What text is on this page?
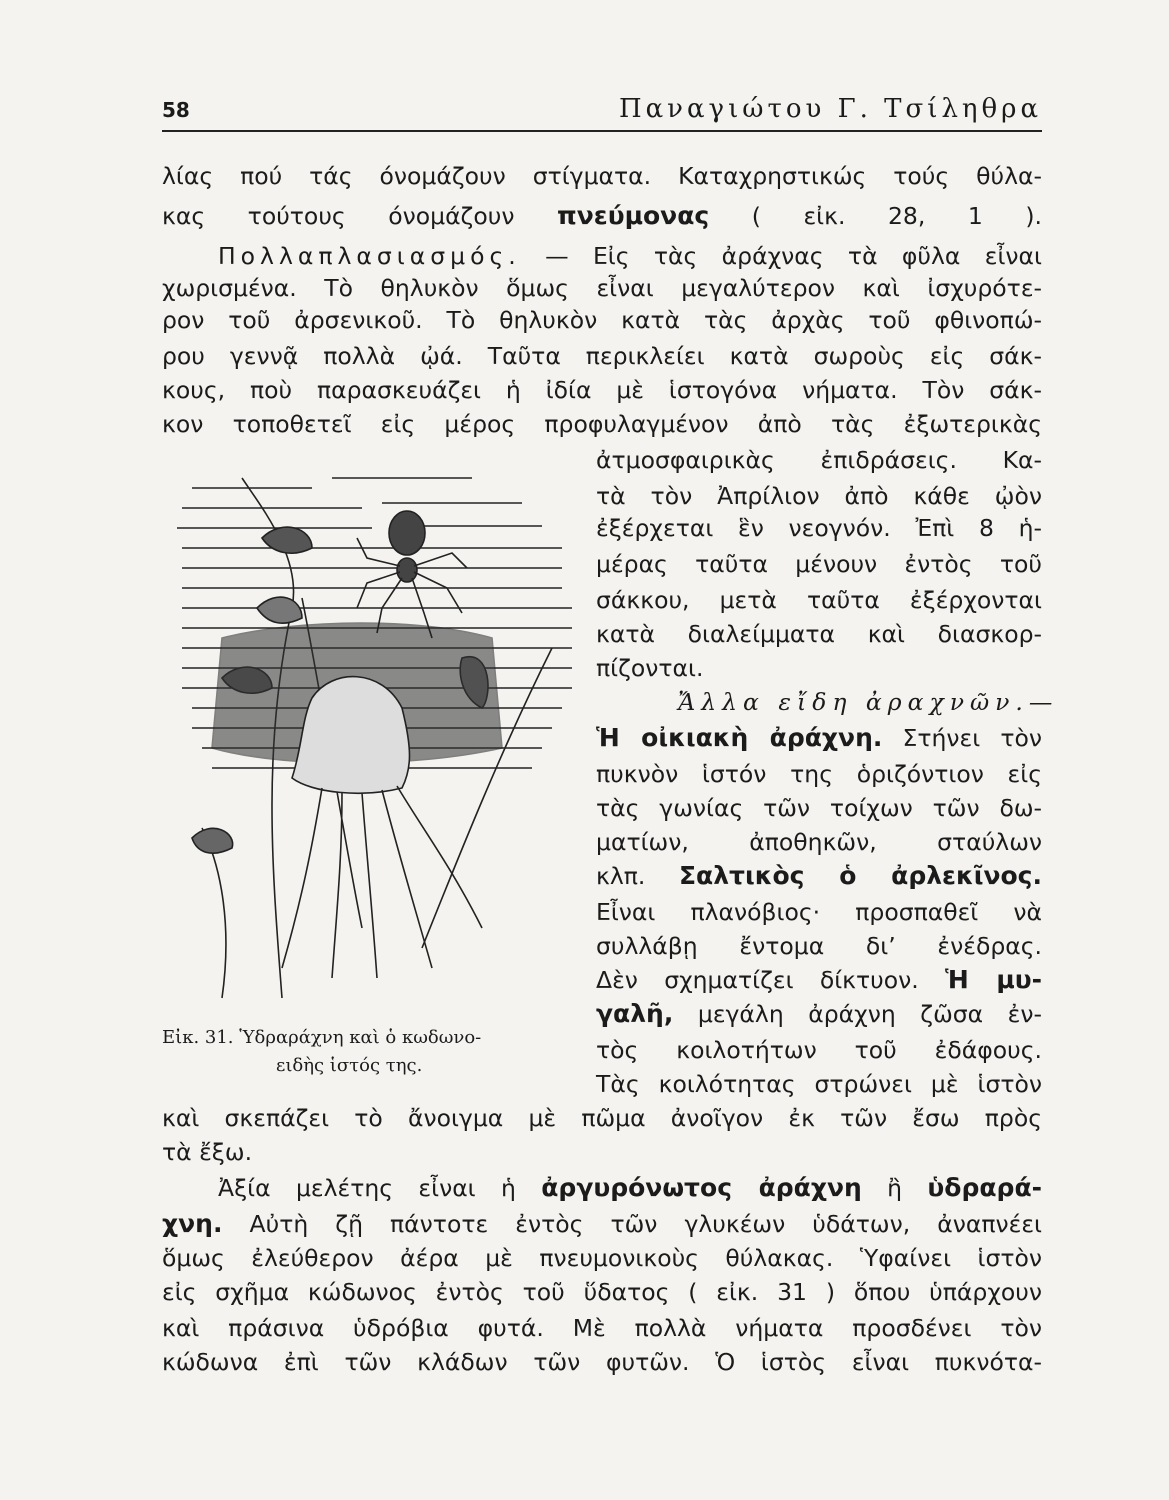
58	Παναγιώτου Γ. Τσίληθρα
λίας πού τάς όνομάζουν στίγματα. Καταχρηστικώς τούς θύλα-
κας τούτους όνομάζουν πνεύμονας ( εἰκ. 28, 1 ).
Πολλαπλασιασμός. — Εἰς τὰς ἀράχνας τὰ φῦλα εἶναι
χωρισμένα. Τὸ θηλυκὸν ὅμως εἶναι μεγαλύτερον καὶ ἰσχυρότε-
ρον τοῦ ἀρσενικοῦ. Τὸ θηλυκὸν κατὰ τὰς ἀρχὰς τοῦ φθινοπώ-
ρου γεννᾷ πολλὰ ᾠά. Ταῦτα περικλείει κατὰ σωροὺς εἰς σάκ-
κους, ποὺ παρασκευάζει ἡ ἰδία μὲ ἱστογόνα νήματα. Τὸν σάκ-
κον τοποθετεῖ εἰς μέρος προφυλαγμένον ἀπὸ τὰς ἐξωτερικὰς
Εἰκ. 31. Ὑδραράχνη καὶ ὁ κωδωνο-
ειδὴς ἱστός της.
ἀτμοσφαιρικὰς ἐπιδράσεις. Κα-
τὰ τὸν Ἀπρίλιον ἀπὸ κάθε ᾠὸν
ἐξέρχεται ἓν νεογνόν. Ἐπὶ 8 ἡ-
μέρας ταῦτα μένουν ἐντὸς τοῦ
σάκκου, μετὰ ταῦτα ἐξέρχονται
κατὰ διαλείμματα καὶ διασκορ-
πίζονται.
Ἄλλα εἴδη ἀραχνῶν.—
Ἡ οἰκιακὴ ἀράχνη. Στήνει τὸν
πυκνὸν ἱστόν της ὁριζόντιον εἰς
τὰς γωνίας τῶν τοίχων τῶν δω-
ματίων, ἀποθηκῶν, σταύλων
κλπ. Σαλτικὸς ὁ ἀρλεκῖνος.
Εἶναι πλανόβιος· προσπαθεῖ νὰ
συλλάβῃ ἔντομα δι’ ἐνέδρας.
Δὲν σχηματίζει δίκτυον. Ἡ μυ-
γαλῆ, μεγάλη ἀράχνη ζῶσα ἐν-
τὸς κοιλοτήτων τοῦ ἐδάφους.
Τὰς κοιλότητας στρώνει μὲ ἱστὸν
καὶ σκεπάζει τὸ ἄνοιγμα μὲ πῶμα ἀνοῖγον ἐκ τῶν ἔσω πρὸς
τὰ ἔξω.
Ἀξία μελέτης εἶναι ἡ ἀργυρόνωτος ἀράχνη ἢ ὑδραρά-
χνη. Αὐτὴ ζῇ πάντοτε ἐντὸς τῶν γλυκέων ὑδάτων, ἀναπνέει
ὅμως ἐλεύθερον ἀέρα μὲ πνευμονικοὺς θύλακας. Ὑφαίνει ἱστὸν
εἰς σχῆμα κώδωνος ἐντὸς τοῦ ὕδατος ( εἰκ. 31 ) ὅπου ὑπάρχουν
καὶ πράσινα ὑδρόβια φυτά. Μὲ πολλὰ νήματα προσδένει τὸν
κώδωνα ἐπὶ τῶν κλάδων τῶν φυτῶν. Ὁ ἱστὸς εἶναι πυκνότα-
